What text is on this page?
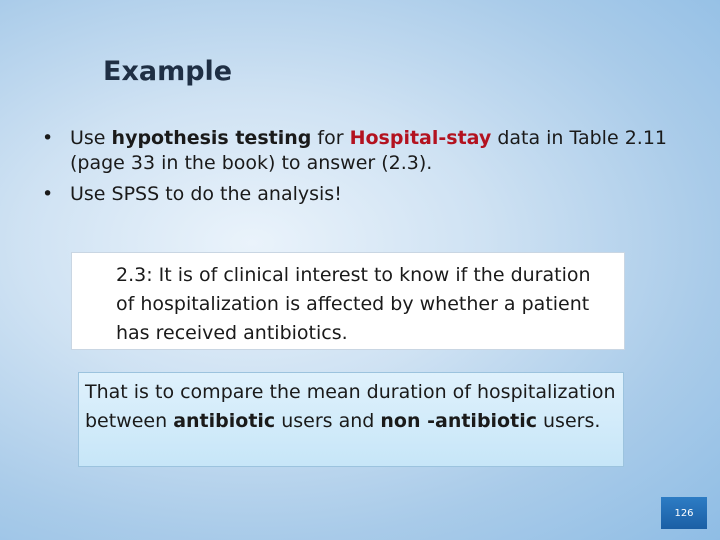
Example
• Use hypothesis testing for Hospital-stay data in Table 2.11 (page 33 in the book) to answer (2.3).
• Use SPSS to do the analysis!
2.3: It is of clinical interest to know if the duration of hospitalization is affected by whether a patient has received antibiotics.
That is to compare the mean duration of hospitalization between antibiotic users and non -antibiotic users.
126
